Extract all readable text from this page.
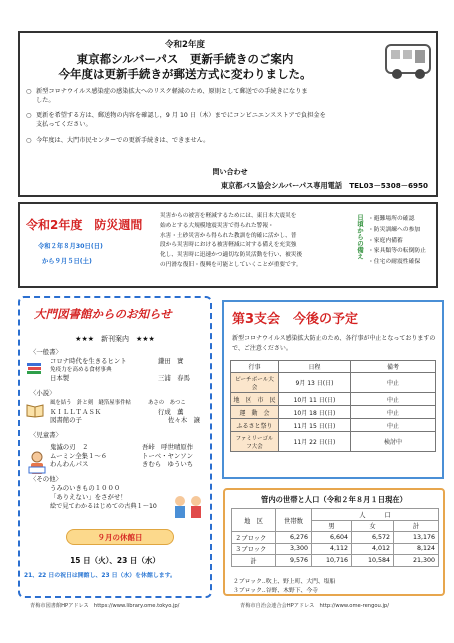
令和2年度
東京都シルバーパス　更新手続きのご案内
今年度は更新手続きが郵送方式に変わりました。
○ 新型コロナウイルス感染症の感染拡大へのリスク軽減のため、原則として郵送での手続きになりま
した。
○ 更新を希望する方は、郵送物の内容を確認し，9 月 10 日（木）までにコンビニエンスストアで負担金を
支払ってください。
○ 今年度は、大門市民センターでの更新手続きは、できません。
問い合わせ
東京都バス協会シルバーパス専用電話　TEL03－5308－6950
令和2年度　防災週間
令和２年８月30日(日)
から９月５日(土)
災害からの被害を軽減するためには、東日本大震災を
始めとする大規模地震災害で得られた警報・
水害・土砂災害から得られた教訓を的確に活かし、普
段から災害時における被害軽減に対する備えを充実強
化し、災害時に迅速かつ適切な防災活動を行い、被災後
の円滑な復旧・復興を可能としていくことが重要です。
日頃からの備え ・避難場所の確認
・防災訓練への参加
・家庭内備蓄
・家具類等の転倒防止
・住宅の耐震性確保
大門図書館からのお知らせ
★★★　新刊案内　★★★
〈一般書〉
コロナ時代を生きるヒント　	鎌田　實
免疫力を高める食材事典
日本製	三浦　春馬
〈小説〉
風を結う　針と剣　縫箔屋事件帖	あさの　あつこ
ＫＩＬＬＴＡＳＫ	行成　薫
図書館の子	佐々木　譲
〈児童書〉
鬼滅の刃　２	吾峠　呼世晴原作
ムーミン全集１～６	トーベ・ヤンソン
わんわんパス	きむら　ゆういち
〈その他〉
うみのいきもの１０００
「ありえない」をさがせ！
絵で見てわかるはじめての古典１～10
９月の休館日
15 日（火）、23 日（水）
21、22 日の祝日は開館し、23 日（水）を休館します。
青梅市図書館HPアドレス　https://www.library.ome.tokyo.jp/
第3支会　今後の予定
新型コロナウイルス感染拡大防止のため、各行事が中止となっておりますので、ご注意ください。
行事	日程	備考
ピーチボール大　会	9月 13 日(日)	中止
地　区　市　民	10月 11 日(日)	中止
運　動　会	10月 18 日(日)	中止
ふるさと祭り	11月 15 日(日)	中止
ファミリーゴルフ大会	11月 22 日(日)	検討中
管内の世帯と人口（令和２年８月１日現在）
地　区	世帯数	人　　　口		
		男	女	計
２ブロック	6,276	6,604	6,572	13,176
３ブロック	3,300	4,112	4,012	8,124
計	9,576	10,716	10,584	21,300
２ブロック‥吹上、野上町、大門、塩船
３ブロック‥谷野、木野下、今寺
青梅市自治会連合会HPアドレス　http://www.ome-rengou.jp/
